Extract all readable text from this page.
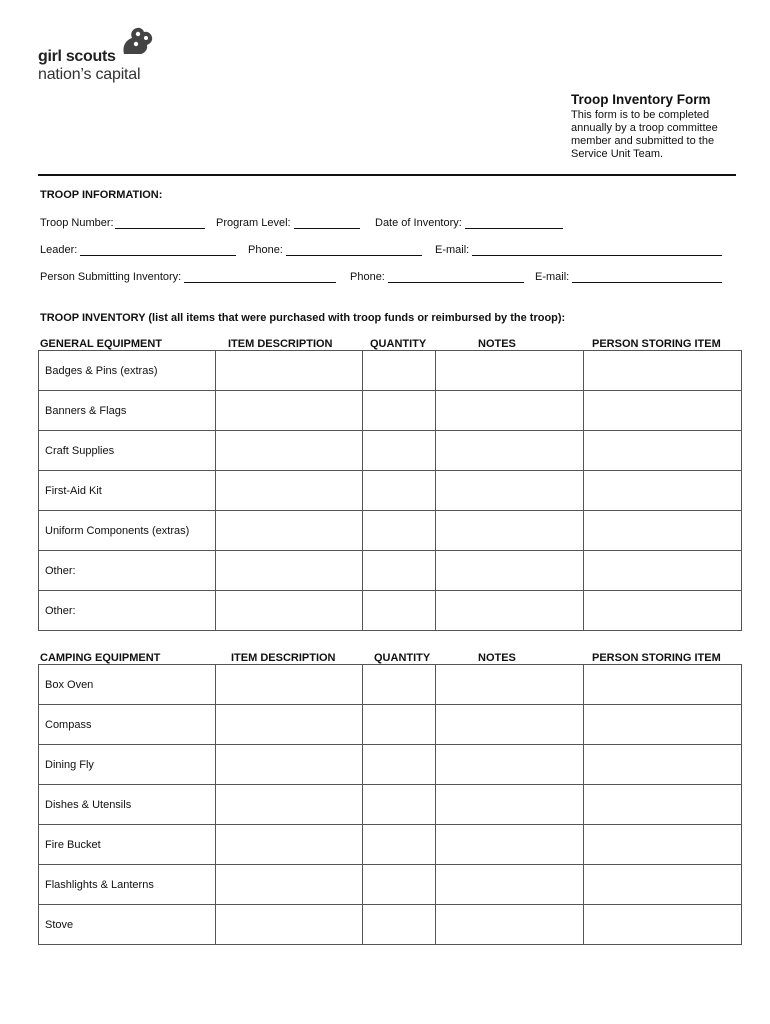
girl scouts
nation’s capital

Troop Inventory Form

This form is to be completed annually by a troop committee member and submitted to the Service Unit Team.

TROOP INFORMATION:
Troop Number:	Program Level:	Date of Inventory:
Leader:	Phone:	E-mail:
Person Submitting Inventory:	Phone:	E-mail:
TROOP INVENTORY (list all items that were purchased with troop funds or reimbursed by the troop):
GENERAL EQUIPMENT	ITEM DESCRIPTION	QUANTITY	NOTES	PERSON STORING ITEM
Badges & Pins (extras)				
Banners & Flags				
Craft Supplies				
First-Aid Kit				
Uniform Components (extras)				
Other:				
Other:				
CAMPING EQUIPMENT	ITEM DESCRIPTION	QUANTITY	NOTES	PERSON STORING ITEM
Box Oven				
Compass				
Dining Fly				
Dishes & Utensils				
Fire Bucket				
Flashlights & Lanterns				
Stove				
